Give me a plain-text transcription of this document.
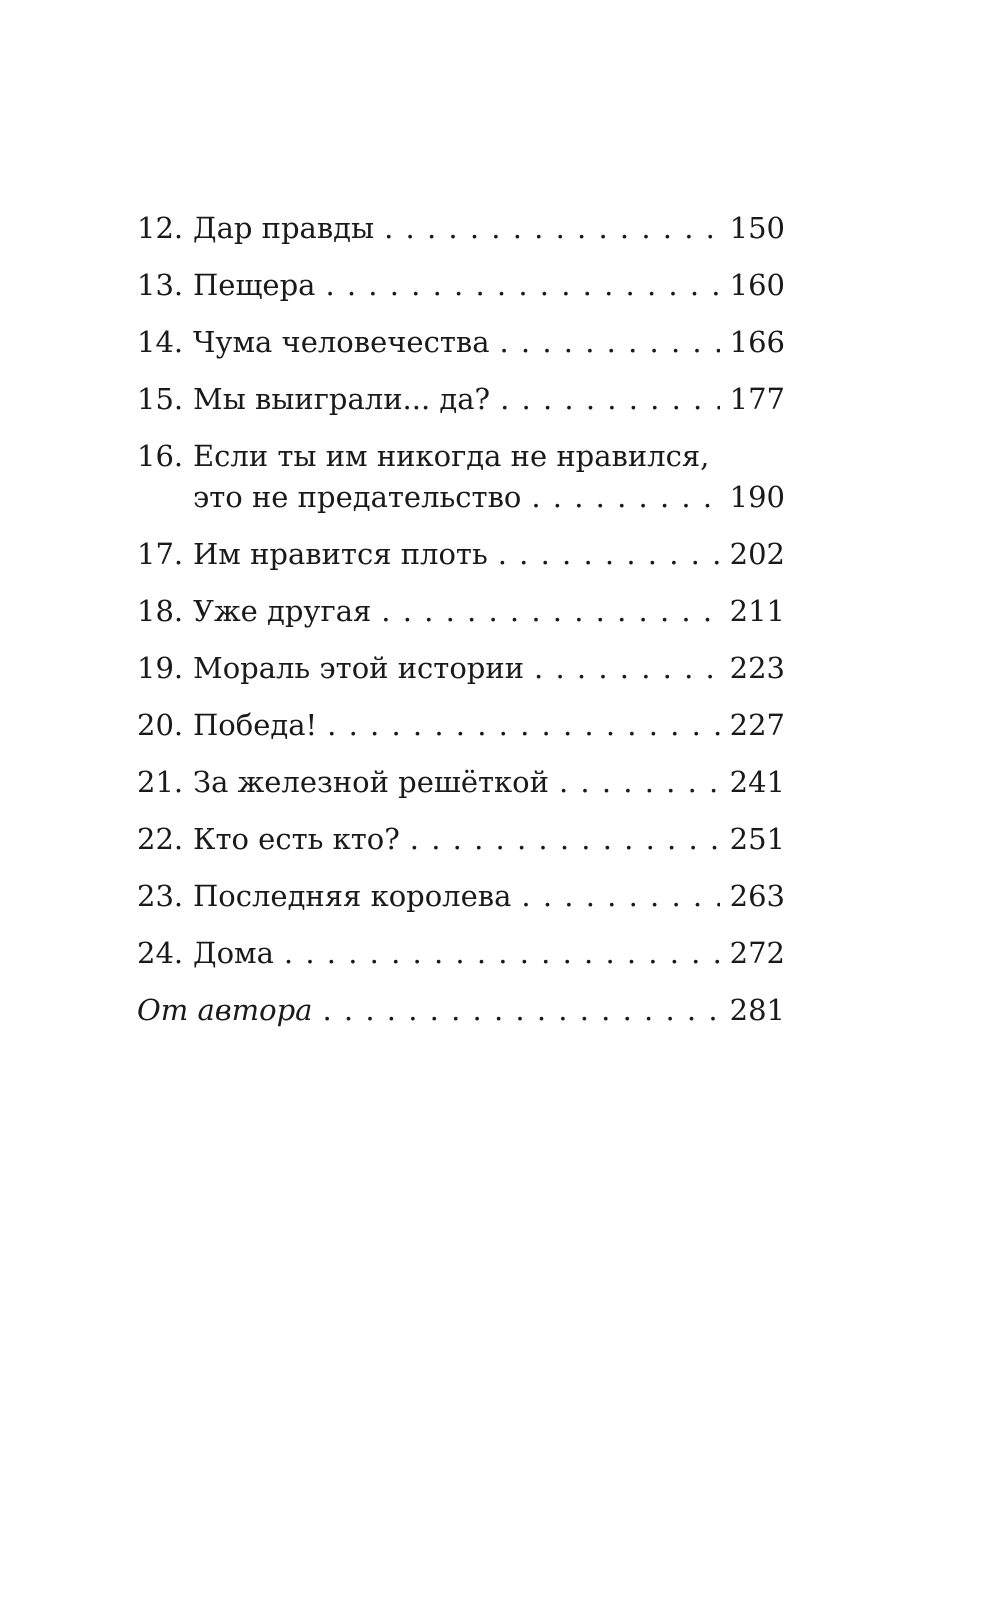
12. Дар правды . . .	150
13. Пещера . . .	160
14. Чума человечества . . .	166
15. Мы выиграли... да? . . .	177
16. Если ты им никогда не нравился,
это не предательство . . .	190
17. Им нравится плоть . . .	202
18. Уже другая . . .	211
19. Мораль этой истории . . .	223
20. Победа! . . .	227
21. За железной решёткой . . .	241
22. Кто есть кто? . . .	251
23. Последняя королева . . .	263
24. Дома . . .	272
От автора . . .	281
